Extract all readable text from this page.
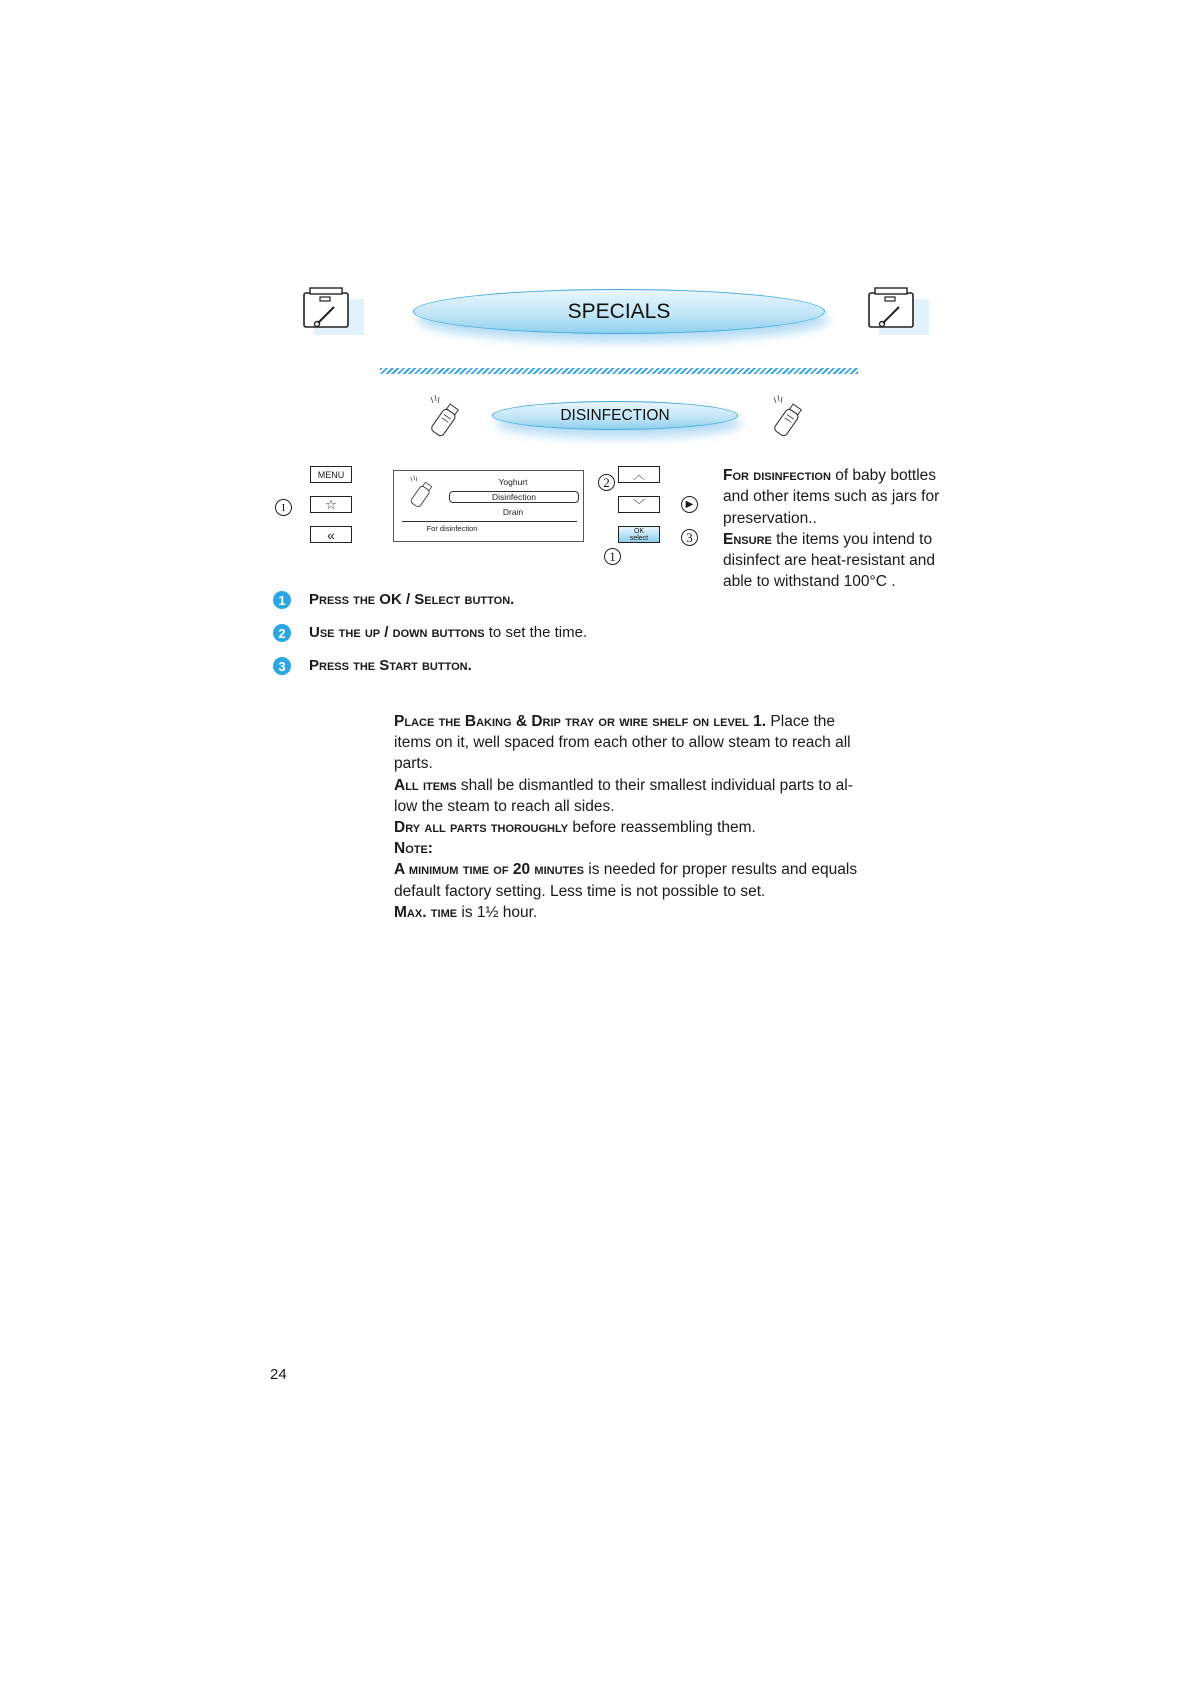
SPECIALS
DISINFECTION
I
MENU
☆
«
Yoghurt
Disinfection
Drain
For disinfection
2 ︿
﹀
OK
select
▶
3
1
For disinfection of baby bottles and other items such as jars for preservation..
Ensure the items you intend to disinfect are heat-resistant and able to withstand 100°C .
1	Press the OK / Select button.
2	Use the up / down buttons to set the time.
3	Press the Start button.

Place the Baking & Drip tray or wire shelf on level 1. Place the items on it, well spaced from each other to allow steam to reach all parts.

All items shall be dismantled to their smallest individual parts to al-low the steam to reach all sides.

Dry all parts thoroughly before reassembling them.

Note:

A minimum time of 20 minutes is needed for proper results and equals default factory setting. Less time is not possible to set.

Max. time is 1½ hour.

24
